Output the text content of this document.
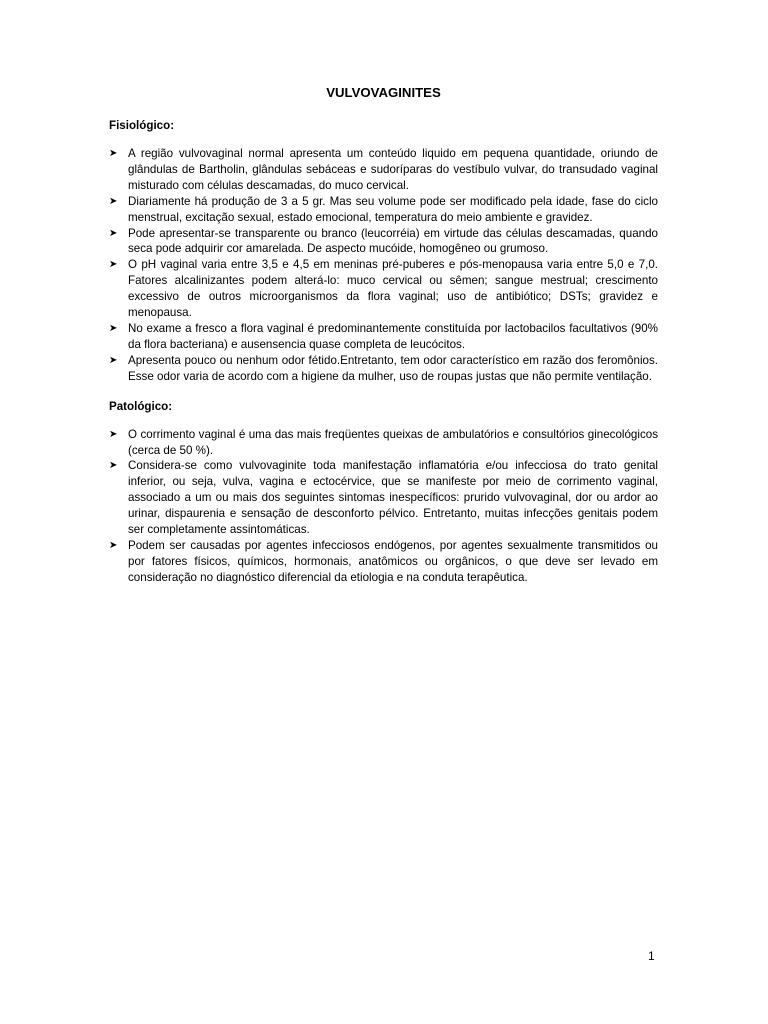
VULVOVAGINITES
Fisiológico:
➤ A região vulvovaginal normal apresenta um conteúdo liquido em pequena quantidade, oriundo de glândulas de Bartholin, glândulas sebáceas e sudoríparas do vestíbulo vulvar, do transudado vaginal misturado com células descamadas, do muco cervical.
➤ Diariamente há produção de 3 a 5 gr. Mas seu volume pode ser modificado pela idade, fase do ciclo menstrual, excitação sexual, estado emocional, temperatura do meio ambiente e gravidez.
➤ Pode apresentar-se transparente ou branco (leucorréia) em virtude das células descamadas, quando seca pode adquirir cor amarelada. De aspecto mucóide, homogêneo ou grumoso.
➤ O pH vaginal varia entre 3,5 e 4,5 em meninas pré-puberes e pós-menopausa varia entre 5,0 e 7,0. Fatores alcalinizantes podem alterá-lo: muco cervical ou sêmen; sangue mestrual; crescimento excessivo de outros microorganismos da flora vaginal; uso de antibiótico; DSTs; gravidez e menopausa.
➤ No exame a fresco a flora vaginal é predominantemente constituída por lactobacilos facultativos (90% da flora bacteriana) e ausensencia quase completa de leucócitos.
➤ Apresenta pouco ou nenhum odor fétido.Entretanto, tem odor característico em razão dos feromônios. Esse odor varia de acordo com a higiene da mulher, uso de roupas justas que não permite ventilação.
Patológico:
➤ O corrimento vaginal é uma das mais freqüentes queixas de ambulatórios e consultórios ginecológicos (cerca de 50 %).
➤ Considera-se como vulvovaginite toda manifestação inflamatória e/ou infecciosa do trato genital inferior, ou seja, vulva, vagina e ectocérvice, que se manifeste por meio de corrimento vaginal, associado a um ou mais dos seguintes sintomas inespecíficos: prurido vulvovaginal, dor ou ardor ao urinar, dispaurenia e sensação de desconforto pélvico. Entretanto, muitas infecções genitais podem ser completamente assintomáticas.
➤ Podem ser causadas por agentes infecciosos endógenos, por agentes sexualmente transmitidos ou por fatores físicos, químicos, hormonais, anatômicos ou orgânicos, o que deve ser levado em consideração no diagnóstico diferencial da etiologia e na conduta terapêutica.
1
